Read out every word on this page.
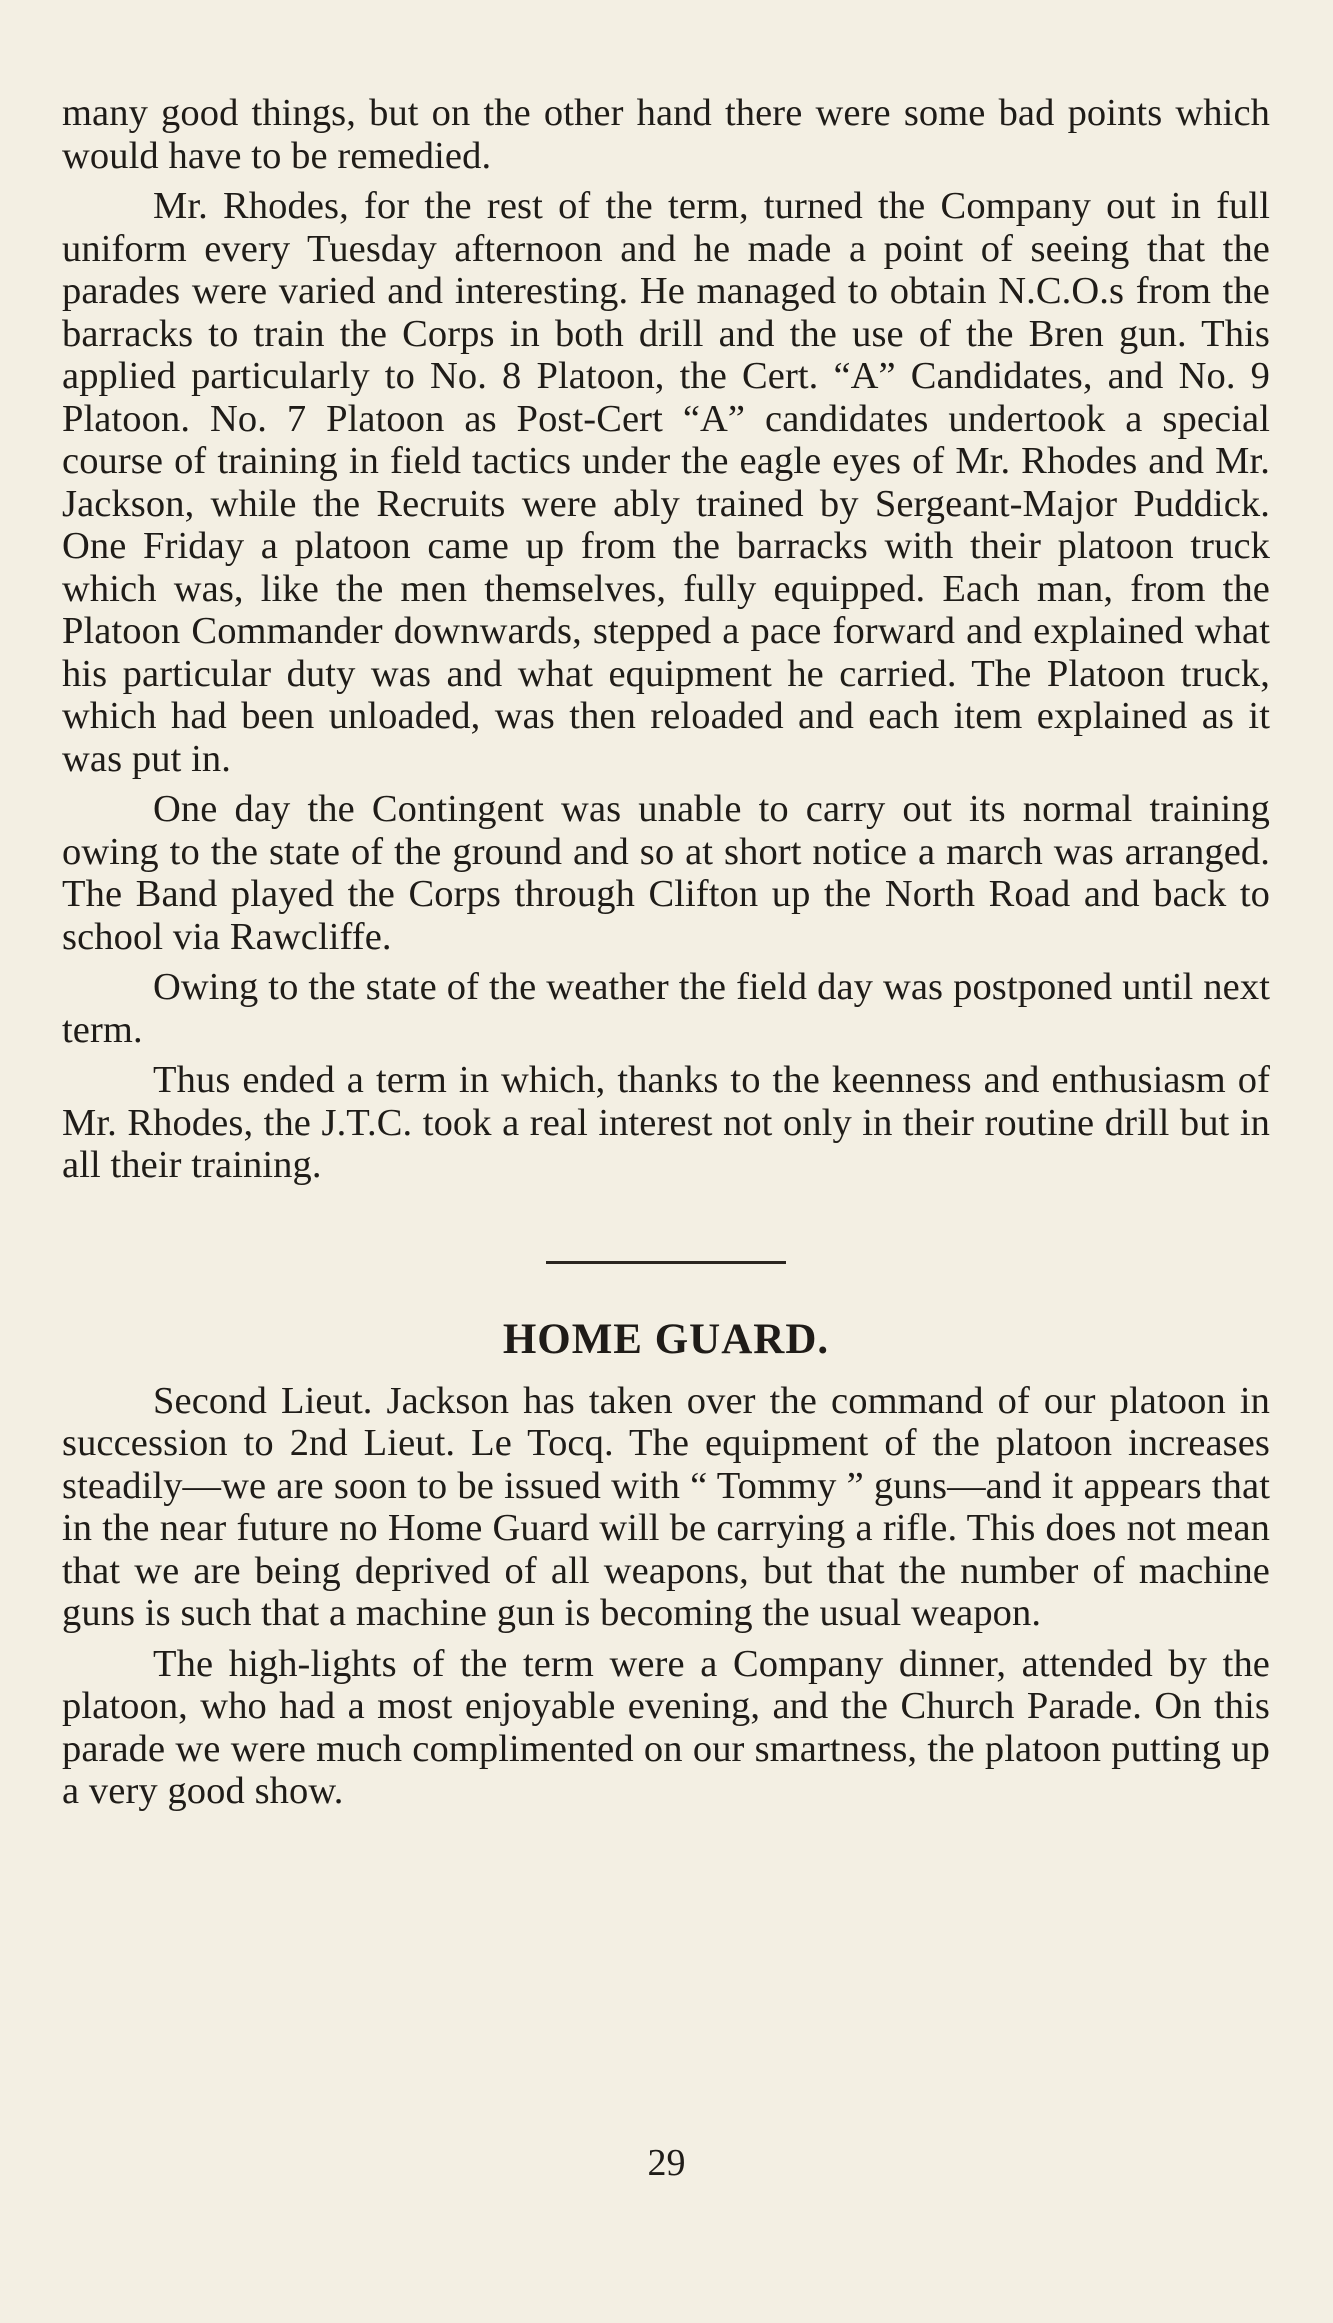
many good things, but on the other hand there were some bad points which would have to be remedied.

Mr. Rhodes, for the rest of the term, turned the Company out in full uniform every Tuesday afternoon and he made a point of seeing that the parades were varied and interesting. He managed to obtain N.C.O.s from the barracks to train the Corps in both drill and the use of the Bren gun. This applied particularly to No. 8 Platoon, the Cert. “A” Candidates, and No. 9 Platoon. No. 7 Platoon as Post-Cert “A” candidates undertook a special course of training in field tactics under the eagle eyes of Mr. Rhodes and Mr. Jackson, while the Recruits were ably trained by Sergeant-Major Puddick. One Friday a platoon came up from the barracks with their platoon truck which was, like the men themselves, fully equipped. Each man, from the Platoon Commander downwards, stepped a pace forward and explained what his particular duty was and what equipment he carried. The Platoon truck, which had been unloaded, was then reloaded and each item explained as it was put in.

One day the Contingent was unable to carry out its normal training owing to the state of the ground and so at short notice a march was arranged. The Band played the Corps through Clifton up the North Road and back to school via Rawcliffe.

Owing to the state of the weather the field day was postponed until next term.

Thus ended a term in which, thanks to the keenness and enthusiasm of Mr. Rhodes, the J.T.C. took a real interest not only in their routine drill but in all their training.

HOME GUARD.

Second Lieut. Jackson has taken over the command of our platoon in succession to 2nd Lieut. Le Tocq. The equipment of the platoon increases steadily—we are soon to be issued with “ Tommy ” guns—and it appears that in the near future no Home Guard will be carrying a rifle. This does not mean that we are being deprived of all weapons, but that the number of machine guns is such that a machine gun is becoming the usual weapon.

The high-lights of the term were a Company dinner, attended by the platoon, who had a most enjoyable evening, and the Church Parade. On this parade we were much complimented on our smartness, the platoon putting up a very good show.

29
